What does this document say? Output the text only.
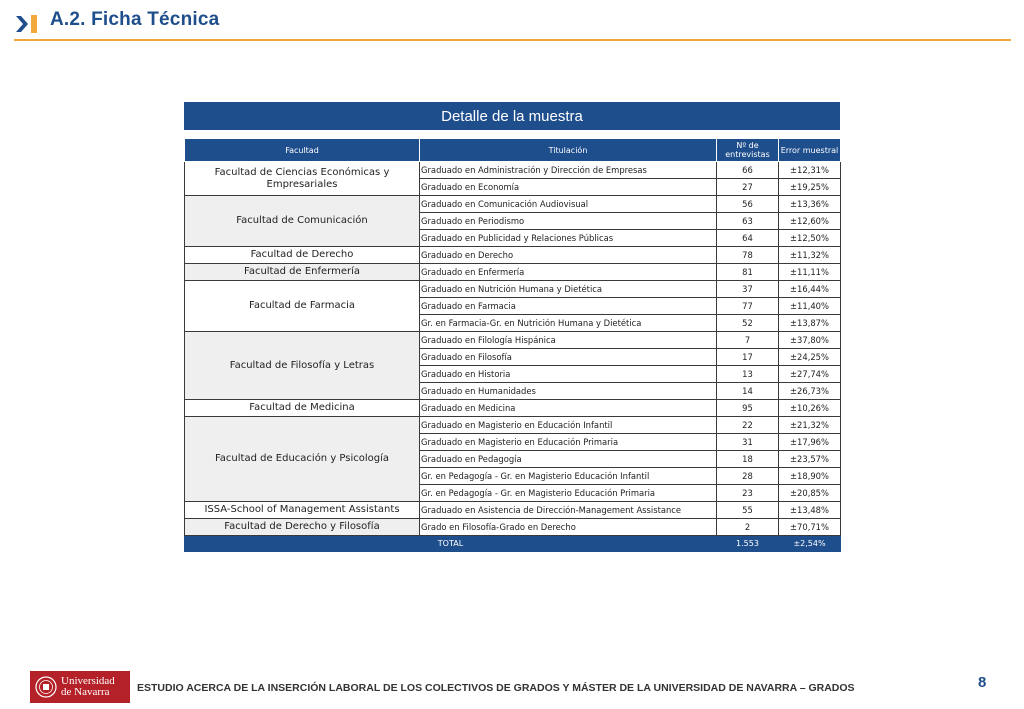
A.2. Ficha Técnica
Detalle de la muestra
Facultad	Titulación	Nº de entrevistas	Error muestral
Facultad de Ciencias Económicas y Empresariales	Graduado en Administración y Dirección de Empresas	66	±12,31%
	Graduado en Economía	27	±19,25%
Facultad de Comunicación	Graduado en Comunicación Audiovisual	56	±13,36%
	Graduado en Periodismo	63	±12,60%
	Graduado en Publicidad y Relaciones Públicas	64	±12,50%
Facultad de Derecho	Graduado en Derecho	78	±11,32%
Facultad de Enfermería	Graduado en Enfermería	81	±11,11%
Facultad de Farmacia	Graduado en Nutrición Humana y Dietética	37	±16,44%
	Graduado en Farmacia	77	±11,40%
	Gr. en Farmacia-Gr. en Nutrición Humana y Dietética	52	±13,87%
Facultad de Filosofía y Letras	Graduado en Filología Hispánica	7	±37,80%
	Graduado en Filosofía	17	±24,25%
	Graduado en Historia	13	±27,74%
	Graduado en Humanidades	14	±26,73%
Facultad de Medicina	Graduado en Medicina	95	±10,26%
Facultad de Educación y Psicología	Graduado en Magisterio en Educación Infantil	22	±21,32%
	Graduado en Magisterio en Educación Primaria	31	±17,96%
	Graduado en Pedagogía	18	±23,57%
	Gr. en Pedagogía - Gr. en Magisterio Educación Infantil	28	±18,90%
	Gr. en Pedagogía - Gr. en Magisterio Educación Primaria	23	±20,85%
ISSA-School of Management Assistants	Graduado en Asistencia de Dirección-Management Assistance	55	±13,48%
Facultad de Derecho y Filosofía	Grado en Filosofía-Grado en Derecho	2	±70,71%
TOTAL		1.553	±2,54%
Universidad
de Navarra	ESTUDIO ACERCA DE LA INSERCIÓN LABORAL DE LOS COLECTIVOS DE GRADOS Y MÁSTER DE LA UNIVERSIDAD DE NAVARRA – GRADOS	8
